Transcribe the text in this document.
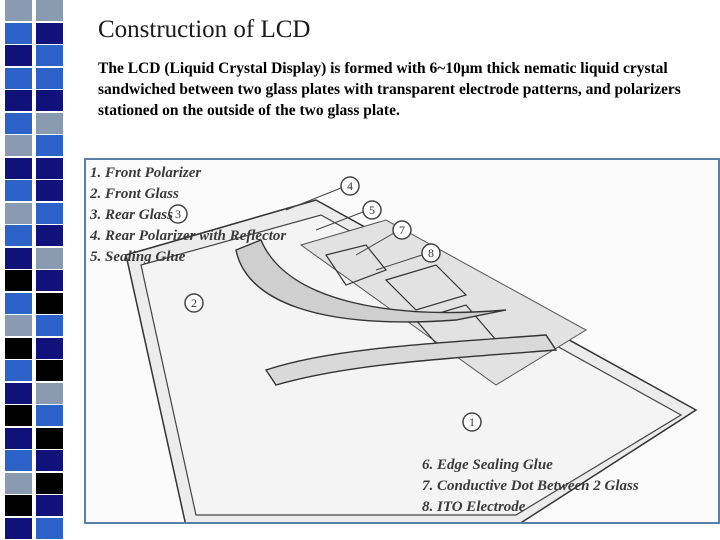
Construction of LCD
The LCD (Liquid Crystal Display) is formed with 6~10μm thick nematic liquid crystal sandwiched between two glass plates with transparent electrode patterns, and polarizers stationed on the outside of the two glass plate.
4
5
7
8
3
2
1
1. Front Polarizer
2. Front Glass
3. Rear Glass
4. Rear Polarizer with Reflector
5. Sealing Glue
6. Edge Sealing Glue
7. Conductive Dot Between 2 Glass
8. ITO Electrode
